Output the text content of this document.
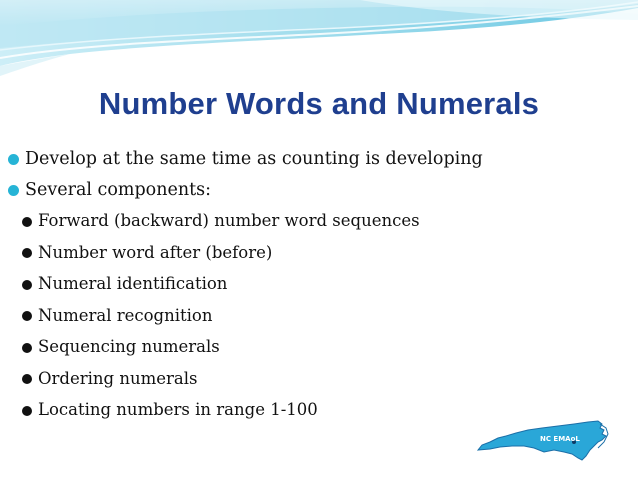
Number Words and Numerals
Develop at the same time as counting is developing
Several components:
Forward (backward) number word sequences
Number word after (before)
Numeral identification
Numeral recognition
Sequencing numerals
Ordering numerals
Locating numbers in range 1-100
NC EMAoL
